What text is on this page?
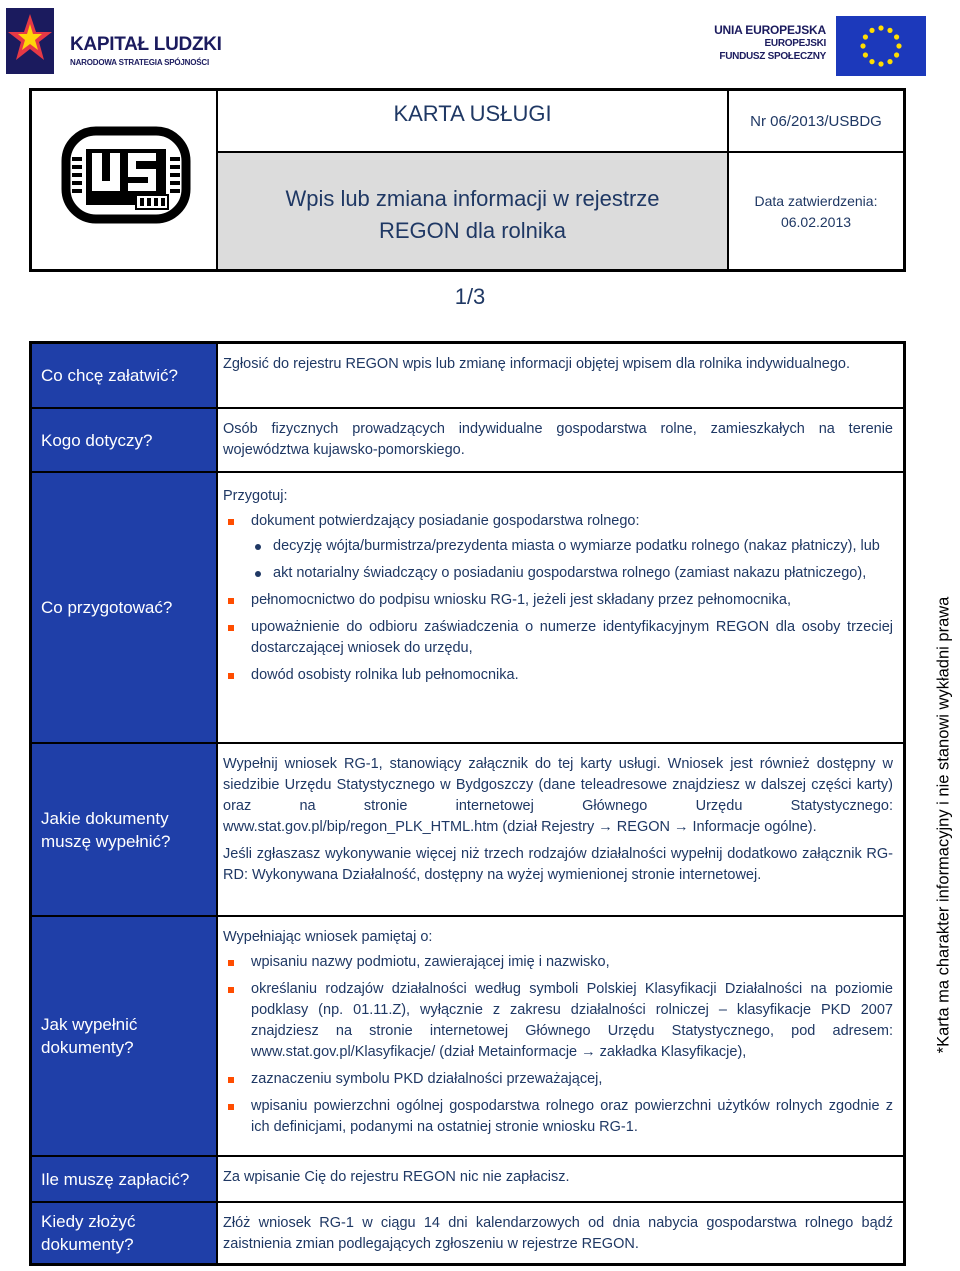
KAPITAŁ LUDZKI
NARODOWA STRATEGIA SPÓJNOŚCI
UNIA EUROPEJSKA
EUROPEJSKI
FUNDUSZ SPOŁECZNY
KARTA USŁUGI
Wpis lub zmiana informacji w rejestrze
REGON dla rolnika
Nr 06/2013/USBDG
Data zatwierdzenia:
06.02.2013
1/3
Co chcę załatwić?

Zgłosić do rejestru REGON wpis lub zmianę informacji objętej wpisem dla rolnika indywidualnego.

Kogo dotyczy?

Osób fizycznych prowadzących indywidualne gospodarstwa rolne, zamieszkałych na terenie województwa kujawsko-pomorskiego.

Co przygotować?

Przygotuj:

dokument potwierdzający posiadanie gospodarstwa rolnego:
decyzję wójta/burmistrza/prezydenta miasta o wymiarze podatku rolnego (nakaz płatniczy), lub
akt notarialny świadczący o posiadaniu gospodarstwa rolnego (zamiast nakazu płatniczego),
pełnomocnictwo do podpisu wniosku RG-1, jeżeli jest składany przez pełnomocnika,
upoważnienie do odbioru zaświadczenia o numerze identyfikacyjnym REGON dla osoby trzeciej dostarczającej wniosek do urzędu,
dowód osobisty rolnika lub pełnomocnika.
Jakie dokumenty
muszę wypełnić?

Wypełnij wniosek RG-1, stanowiący załącznik do tej karty usługi. Wniosek jest również dostępny w siedzibie Urzędu Statystycznego w Bydgoszczy (dane teleadresowe znajdziesz w dalszej części karty) oraz na stronie internetowej Głównego Urzędu Statystycznego: www.stat.gov.pl/bip/regon_PLK_HTML.htm (dział Rejestry → REGON → Informacje ogólne).

Jeśli zgłaszasz wykonywanie więcej niż trzech rodzajów działalności wypełnij dodatkowo załącznik RG-RD: Wykonywana Działalność, dostępny na wyżej wymienionej stronie internetowej.

Jak wypełnić
dokumenty?

Wypełniając wniosek pamiętaj o:

wpisaniu nazwy podmiotu, zawierającej imię i nazwisko,
określaniu rodzajów działalności według symboli Polskiej Klasyfikacji Działalności na poziomie podklasy (np. 01.11.Z), wyłącznie z zakresu działalności rolniczej – klasyfikacje PKD 2007 znajdziesz na stronie internetowej Głównego Urzędu Statystycznego, pod adresem: www.stat.gov.pl/Klasyfikacje/ (dział Metainformacje → zakładka Klasyfikacje),
zaznaczeniu symbolu PKD działalności przeważającej,
wpisaniu powierzchni ogólnej gospodarstwa rolnego oraz powierzchni użytków rolnych zgodnie z ich definicjami, podanymi na ostatniej stronie wniosku RG-1.
Ile muszę zapłacić? Za wpisanie Cię do rejestru REGON nic nie zapłacisz.

Kiedy złożyć
dokumenty?

Złóż wniosek RG-1 w ciągu 14 dni kalendarzowych od dnia nabycia gospodarstwa rolnego bądź zaistnienia zmian podlegających zgłoszeniu w rejestrze REGON.

*Karta ma charakter informacyjny i nie stanowi wykładni prawa
